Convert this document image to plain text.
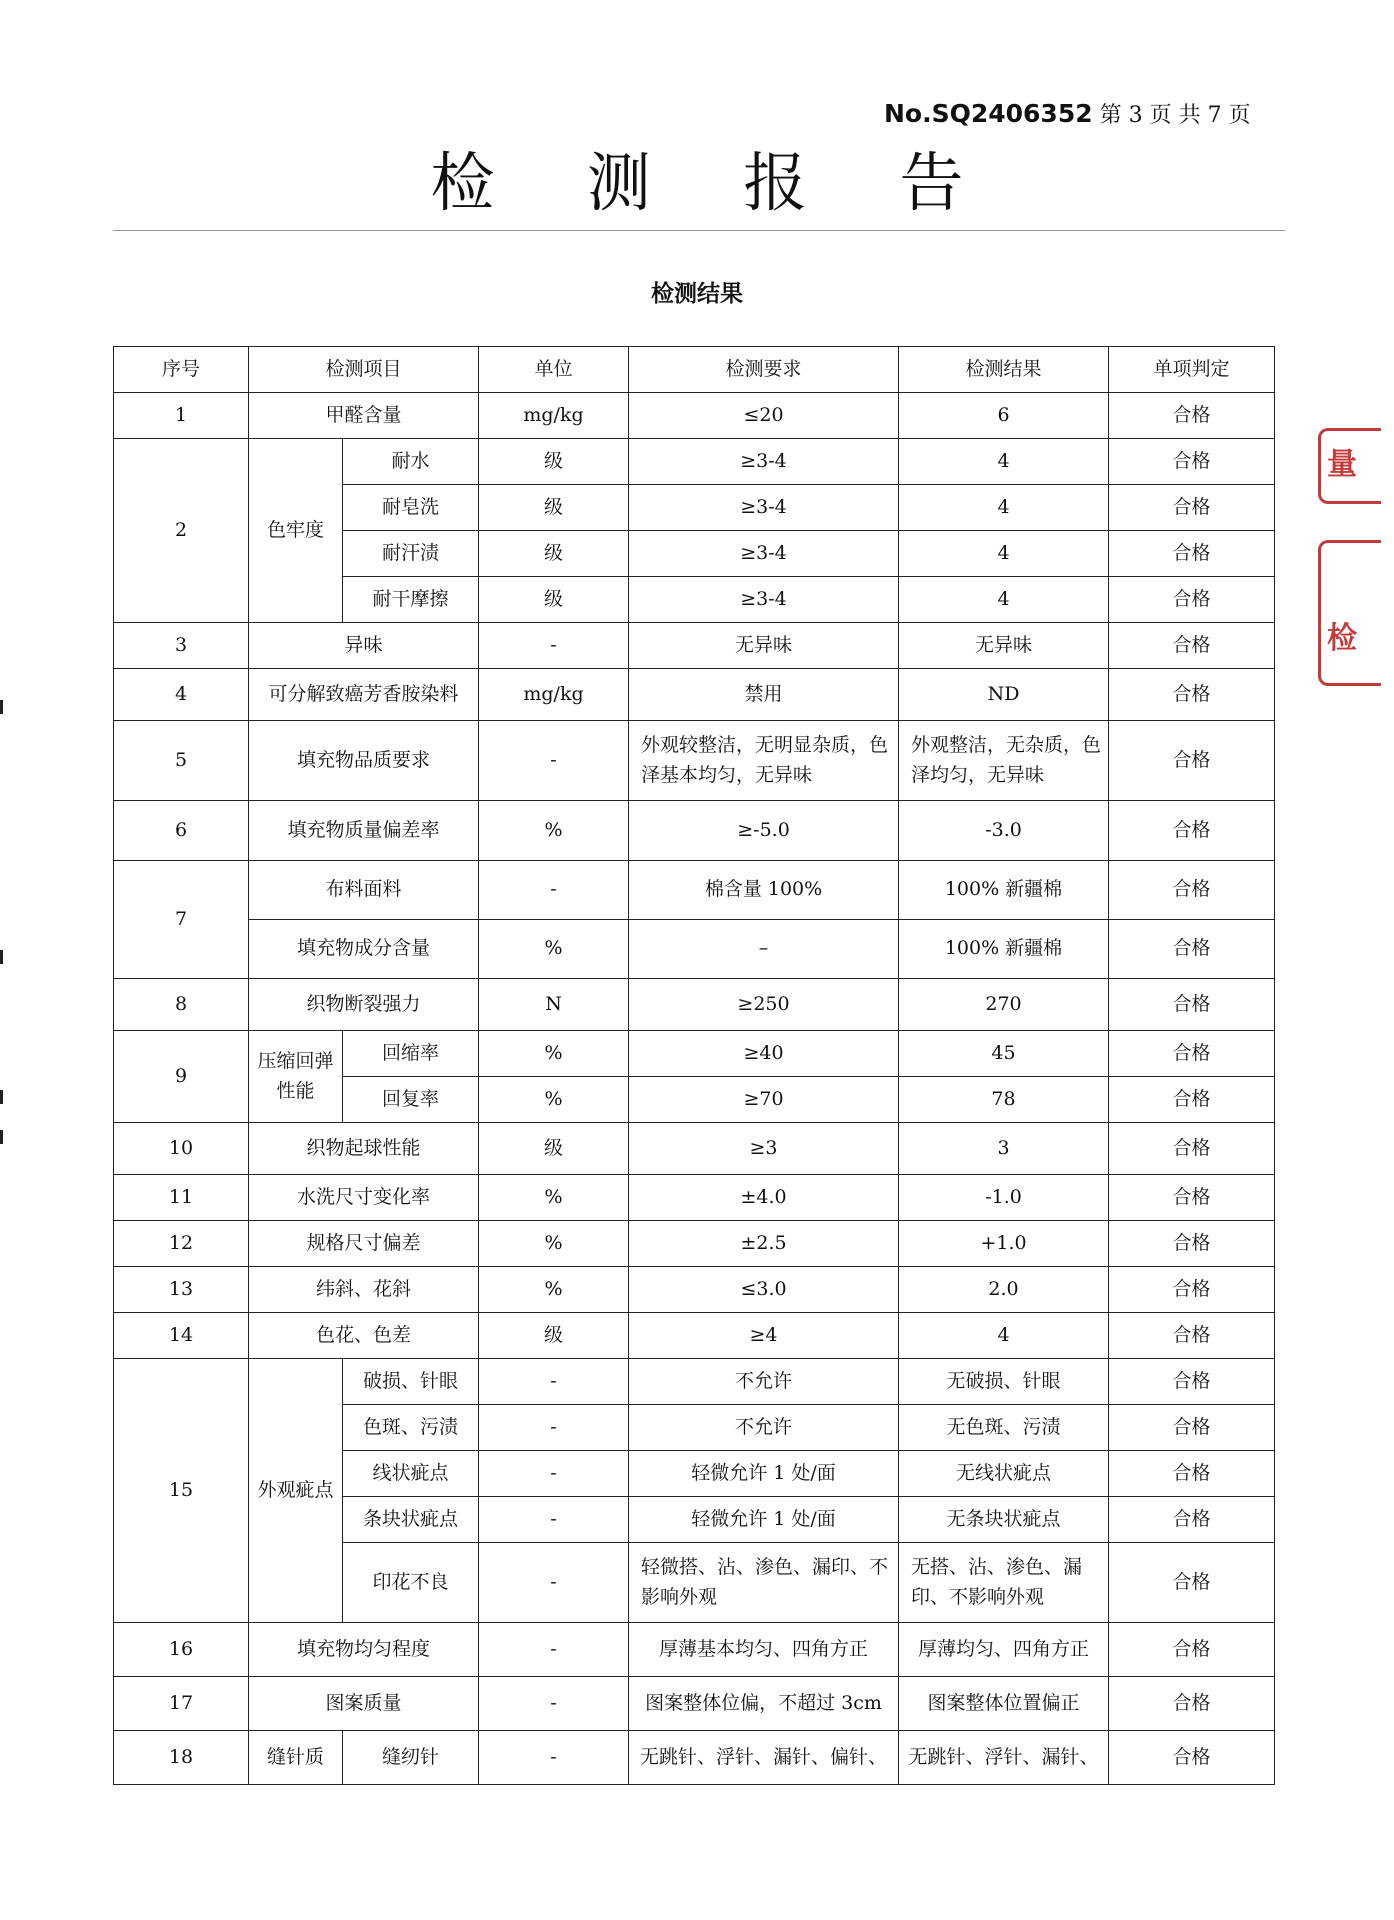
No.SQ2406352 第 3 页 共 7 页
检 测 报 告
检测结果
序号	检测项目		单位	检测要求	检测结果	单项判定
1	甲醛含量		mg/kg	≤20	6	合格
2	色牢度	耐水	级	≥3-4	4	合格
		耐皂洗	级	≥3-4	4	合格
		耐汗渍	级	≥3-4	4	合格
		耐干摩擦	级	≥3-4	4	合格
3	异味		-	无异味	无异味	合格
4	可分解致癌芳香胺染料		mg/kg	禁用	ND	合格
5	填充物品质要求		-	外观较整洁，无明显杂质，色泽基本均匀，无异味	外观整洁，无杂质，色泽均匀，无异味	合格
6	填充物质量偏差率		%	≥-5.0	-3.0	合格
7	布料面料		-	棉含量 100%	100% 新疆棉	合格
	填充物成分含量		%	–	100% 新疆棉	合格
8	织物断裂强力		N	≥250	270	合格
9	压缩回弹性能	回缩率	%	≥40	45	合格
		回复率	%	≥70	78	合格
10	织物起球性能		级	≥3	3	合格
11	水洗尺寸变化率		%	±4.0	-1.0	合格
12	规格尺寸偏差		%	±2.5	+1.0	合格
13	纬斜、花斜		%	≤3.0	2.0	合格
14	色花、色差		级	≥4	4	合格
15	外观疵点	破损、针眼	-	不允许	无破损、针眼	合格
		色斑、污渍	-	不允许	无色斑、污渍	合格
		线状疵点	-	轻微允许 1 处/面	无线状疵点	合格
		条块状疵点	-	轻微允许 1 处/面	无条块状疵点	合格
		印花不良	-	轻微搭、沾、渗色、漏印、不影响外观	无搭、沾、渗色、漏印、不影响外观	合格
16	填充物均匀程度		-	厚薄基本均匀、四角方正	厚薄均匀、四角方正	合格
17	图案质量		-	图案整体位偏，不超过 3cm	图案整体位置偏正	合格
18	缝针质	缝纫针	-	无跳针、浮针、漏针、偏针、	无跳针、浮针、漏针、	合格
量
检
